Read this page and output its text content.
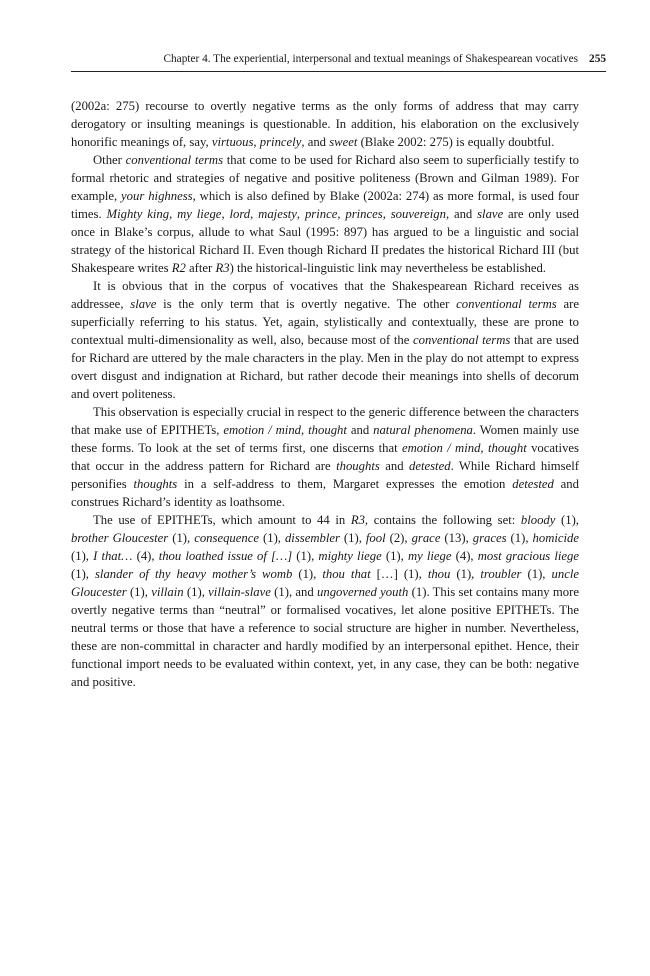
Chapter 4. The experiential, interpersonal and textual meanings of Shakespearean vocatives 255

(2002a: 275) recourse to overtly negative terms as the only forms of address that may carry derogatory or insulting meanings is questionable. In addition, his elaboration on the exclusively honorific meanings of, say, virtuous, princely, and sweet (Blake 2002: 275) is equally doubtful.

Other conventional terms that come to be used for Richard also seem to superficially testify to formal rhetoric and strategies of negative and positive politeness (Brown and Gilman 1989). For example, your highness, which is also defined by Blake (2002a: 274) as more formal, is used four times. Mighty king, my liege, lord, majesty, prince, princes, souvereign, and slave are only used once in Blake’s corpus, allude to what Saul (1995: 897) has argued to be a linguistic and social strategy of the historical Richard II. Even though Richard II predates the historical Richard III (but Shakespeare writes R2 after R3) the historical-linguistic link may nevertheless be established.

It is obvious that in the corpus of vocatives that the Shakespearean Richard receives as addressee, slave is the only term that is overtly negative. The other conventional terms are superficially referring to his status. Yet, again, stylistically and contextually, these are prone to contextual multi-dimensionality as well, also, because most of the conventional terms that are used for Richard are uttered by the male characters in the play. Men in the play do not attempt to express overt disgust and indignation at Richard, but rather decode their meanings into shells of decorum and overt politeness.

This observation is especially crucial in respect to the generic difference between the characters that make use of EPITHETs, emotion / mind, thought and natural phenomena. Women mainly use these forms. To look at the set of terms first, one discerns that emotion / mind, thought vocatives that occur in the address pattern for Richard are thoughts and detested. While Richard himself personifies thoughts in a self-address to them, Margaret expresses the emotion detested and construes Richard’s identity as loathsome.

The use of EPITHETs, which amount to 44 in R3, contains the following set: bloody (1), brother Gloucester (1), consequence (1), dissembler (1), fool (2), grace (13), graces (1), homicide (1), I that… (4), thou loathed issue of […] (1), mighty liege (1), my liege (4), most gracious liege (1), slander of thy heavy mother’s womb (1), thou that […] (1), thou (1), troubler (1), uncle Gloucester (1), villain (1), villain-slave (1), and ungoverned youth (1). This set contains many more overtly negative terms than “neutral” or formalised vocatives, let alone positive EPITHETs. The neutral terms or those that have a reference to social structure are higher in number. Nevertheless, these are non-committal in character and hardly modified by an interpersonal epithet. Hence, their functional import needs to be evaluated within context, yet, in any case, they can be both: negative and positive.
